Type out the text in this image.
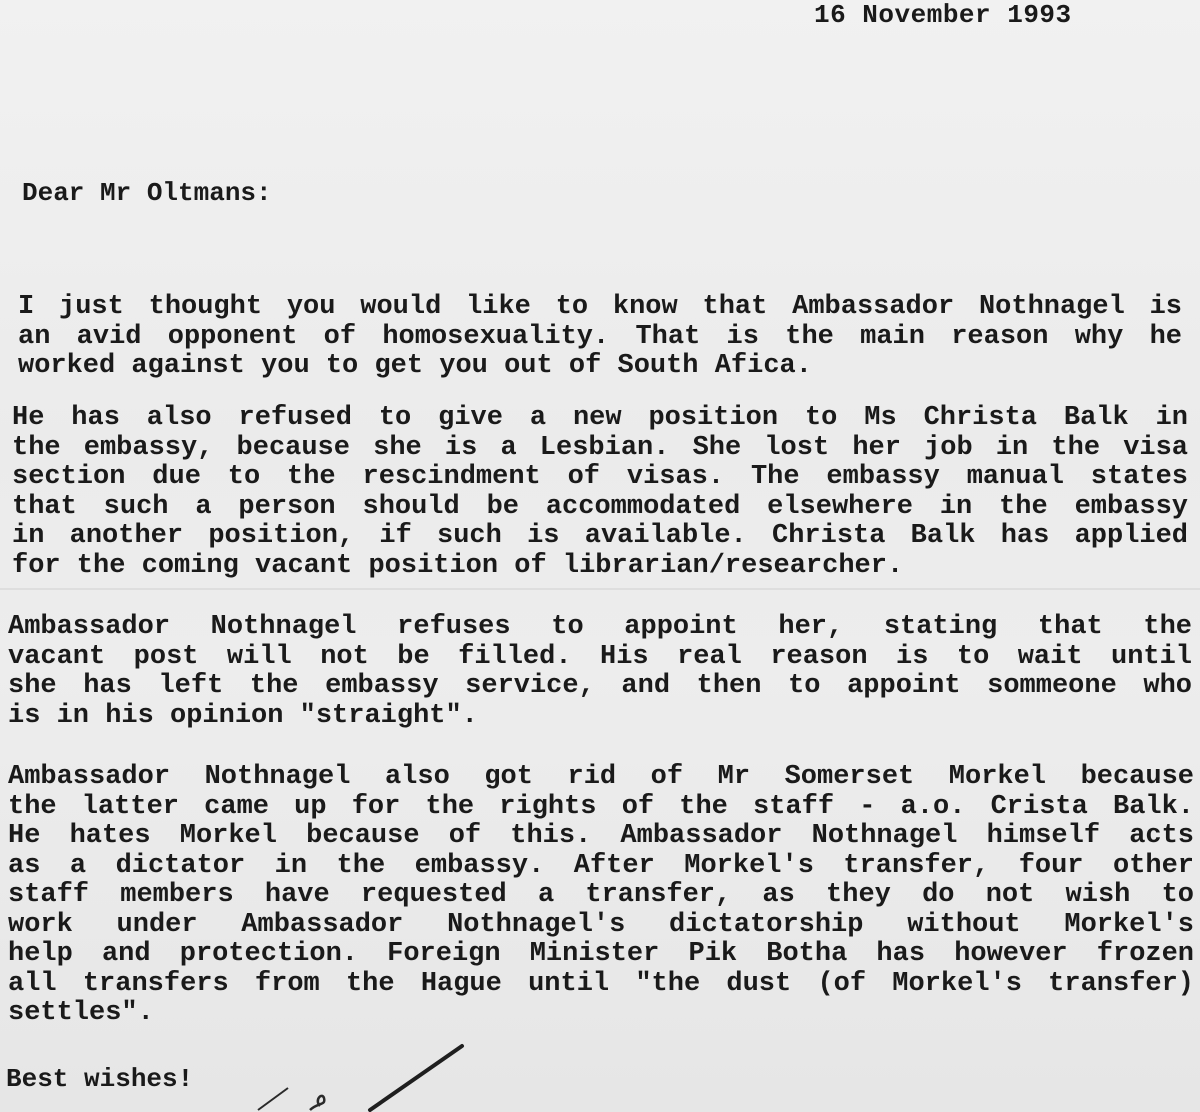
16 November 1993
Dear Mr Oltmans:
I just thought you would like to know that Ambassador Nothnagel is
an avid opponent of homosexuality. That is the main reason why he
worked against you to get you out of South Afica.
He has also refused to give a new position to Ms Christa Balk in
the embassy, because she is a Lesbian. She lost her job in the visa
section due to the rescindment of visas. The embassy manual states
that such a person should be accommodated elsewhere in the embassy
in another position, if such is available. Christa Balk has applied
for the coming vacant position of librarian/researcher.
Ambassador Nothnagel refuses to appoint her, stating that the
vacant post will not be filled. His real reason is to wait until
she has left the embassy service, and then to appoint sommeone who
is in his opinion "straight".
Ambassador Nothnagel also got rid of Mr Somerset Morkel because
the latter came up for the rights of the staff - a.o. Crista Balk.
He hates Morkel because of this. Ambassador Nothnagel himself acts
as a dictator in the embassy. After Morkel's transfer, four other
staff members have requested a transfer, as they do not wish to
work under Ambassador Nothnagel's dictatorship without Morkel's
help and protection. Foreign Minister Pik Botha has however frozen
all transfers from the Hague until "the dust (of Morkel's transfer)
settles".
Best wishes!
